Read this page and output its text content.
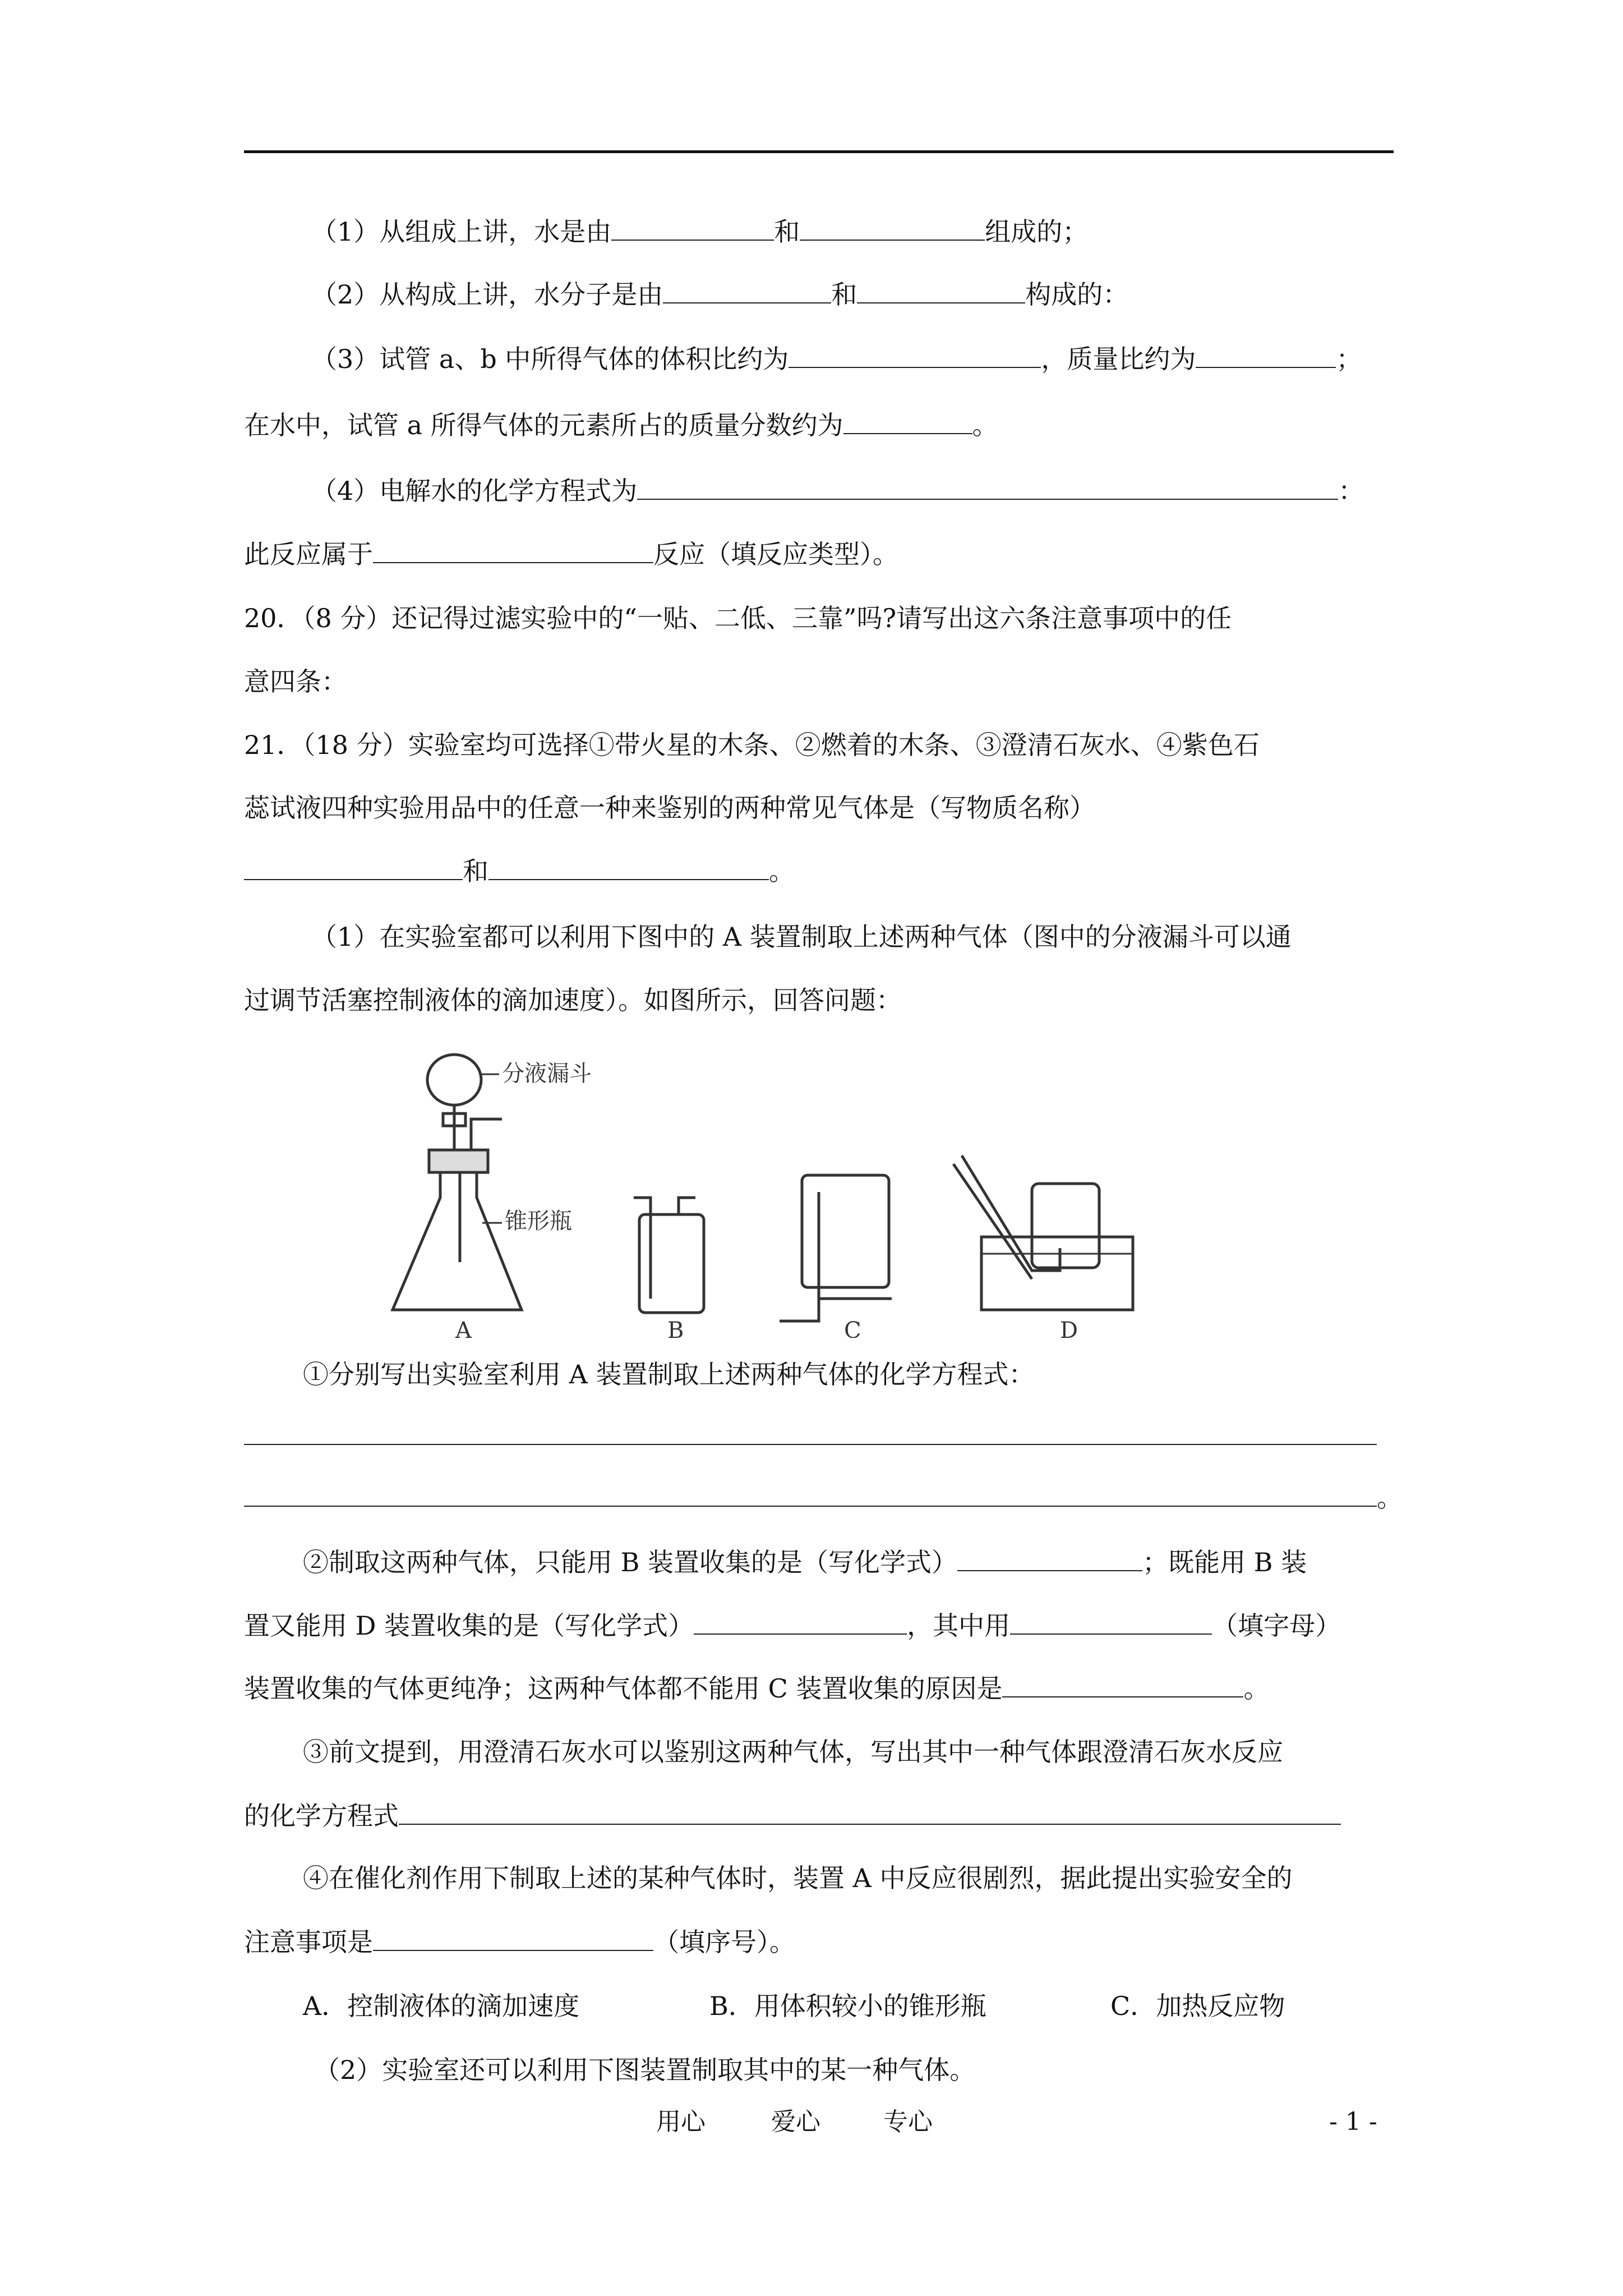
（1）从组成上讲，水是由	和	组成的；
（2）从构成上讲，水分子是由	和	构成的：
（3）试管 a、b 中所得气体的体积比约为	，质量比约为	；
在水中，试管 a 所得气体的元素所占的质量分数约为	。
（4）电解水的化学方程式为	：
此反应属于	反应（填反应类型）。
20．（8 分）还记得过滤实验中的“一贴、二低、三靠”吗?请写出这六条注意事项中的任
意四条：
21．（18 分）实验室均可选择①带火星的木条、②燃着的木条、③澄清石灰水、④紫色石
蕊试液四种实验用品中的任意一种来鉴别的两种常见气体是（写物质名称）
和	。
（1）在实验室都可以利用下图中的 A 装置制取上述两种气体（图中的分液漏斗可以通
过调节活塞控制液体的滴加速度）。如图所示，回答问题：
分液漏斗
锥形瓶
A	B	C	D
①分别写出实验室利用 A 装置制取上述两种气体的化学方程式：
。
②制取这两种气体，只能用 B 装置收集的是（写化学式）	；既能用 B 装
置又能用 D 装置收集的是（写化学式）	，其中用	（填字母）
装置收集的气体更纯净；这两种气体都不能用 C 装置收集的原因是	。
③前文提到，用澄清石灰水可以鉴别这两种气体，写出其中一种气体跟澄清石灰水反应
的化学方程式
④在催化剂作用下制取上述的某种气体时，装置 A 中反应很剧烈，据此提出实验安全的
注意事项是	（填序号）。
A．控制液体的滴加速度	B．用体积较小的锥形瓶	C．加热反应物
（2）实验室还可以利用下图装置制取其中的某一种气体。
用心	爱心	专心	- 1 -
